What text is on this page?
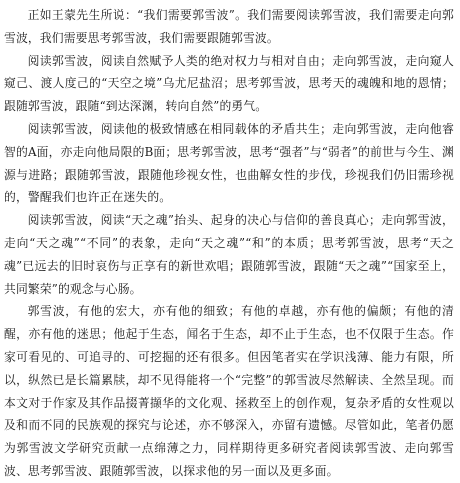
正如王蒙先生所说：“我们需要郭雪波”。我们需要阅读郭雪波，我们需要走向郭雪波，我们需要思考郭雪波，我们需要跟随郭雪波。

阅读郭雪波，阅读自然赋予人类的绝对权力与相对自由；走向郭雪波，走向窥人窥己、渡人度己的“天空之境”乌尤尼盐沼；思考郭雪波，思考天的魂魄和地的恩情；跟随郭雪波，跟随“到达深渊，转向自然”的勇气。

阅读郭雪波，阅读他的极致情感在相同载体的矛盾共生；走向郭雪波，走向他睿智的A面，亦走向他局限的B面；思考郭雪波，思考“强者”与“弱者”的前世与今生、渊源与进路；跟随郭雪波，跟随他珍视女性，也曲解女性的步伐，珍视我们仍旧需珍视的，警醒我们也许正在迷失的。

阅读郭雪波，阅读“天之魂”抬头、起身的决心与信仰的善良真心；走向郭雪波，走向“天之魂”“不同”的表象，走向“天之魂”“和”的本质；思考郭雪波，思考“天之魂”已远去的旧时哀伤与正享有的新世欢唱；跟随郭雪波，跟随“天之魂”“国家至上，共同繁荣”的观念与心肠。

郭雪波，有他的宏大，亦有他的细致；有他的卓越，亦有他的偏颇；有他的清醒，亦有他的迷思；他起于生态，闻名于生态，却不止于生态，也不仅限于生态。作家可看见的、可追寻的、可挖掘的还有很多。但因笔者实在学识浅薄、能力有限，所以，纵然已是长篇累牍，却不见得能将一个“完整”的郭雪波尽然解读、全然呈现。而本文对于作家及其作品掇菁撷华的文化观、拯救至上的创作观，复杂矛盾的女性观以及和而不同的民族观的探究与论述，亦不够深入，亦留有遗憾。尽管如此，笔者仍愿为郭雪波文学研究贡献一点绵薄之力，同样期待更多研究者阅读郭雪波、走向郭雪波、思考郭雪波、跟随郭雪波，以探求他的另一面以及更多面。
